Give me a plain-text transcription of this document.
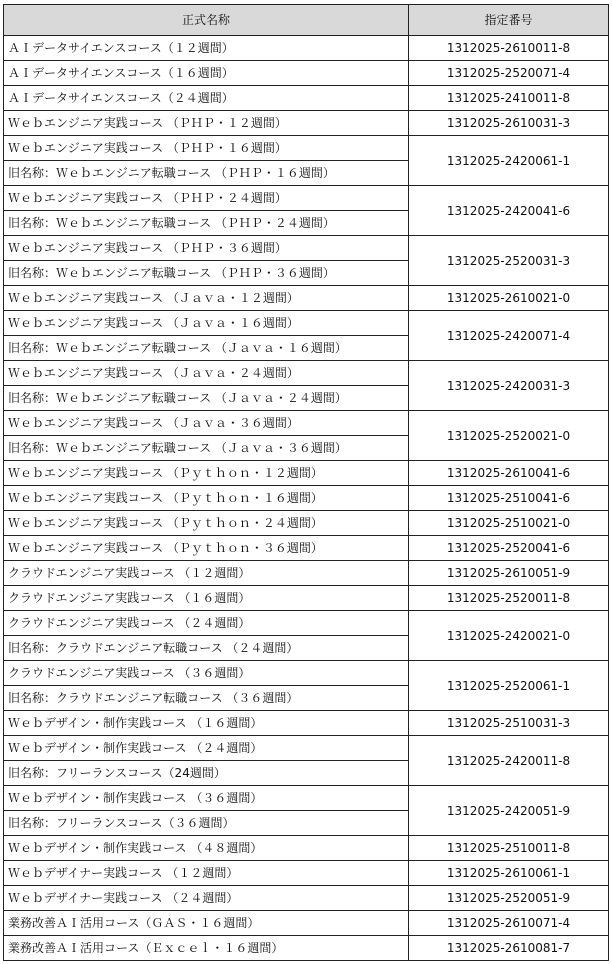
正式名称	指定番号
ＡＩデータサイエンスコース（１２週間）	1312025-2610011-8
ＡＩデータサイエンスコース（１６週間）	1312025-2520071-4
ＡＩデータサイエンスコース（２４週間）	1312025-2410011-8
Ｗｅｂエンジニア実践コース （ＰＨＰ・１２週間）	1312025-2610031-3
Ｗｅｂエンジニア実践コース （ＰＨＰ・１６週間）	1312025-2420061-1
旧名称：Ｗｅｂエンジニア転職コース （ＰＨＰ・１６週間）	
Ｗｅｂエンジニア実践コース （ＰＨＰ・２４週間）	1312025-2420041-6
旧名称：Ｗｅｂエンジニア転職コース （ＰＨＰ・２４週間）	
Ｗｅｂエンジニア実践コース （ＰＨＰ・３６週間）	1312025-2520031-3
旧名称：Ｗｅｂエンジニア転職コース （ＰＨＰ・３６週間）	
Ｗｅｂエンジニア実践コース （Ｊａｖａ・１２週間）	1312025-2610021-0
Ｗｅｂエンジニア実践コース （Ｊａｖａ・１６週間）	1312025-2420071-4
旧名称：Ｗｅｂエンジニア転職コース （Ｊａｖａ・１６週間）	
Ｗｅｂエンジニア実践コース （Ｊａｖａ・２４週間）	1312025-2420031-3
旧名称：Ｗｅｂエンジニア転職コース （Ｊａｖａ・２４週間）	
Ｗｅｂエンジニア実践コース （Ｊａｖａ・３６週間）	1312025-2520021-0
旧名称：Ｗｅｂエンジニア転職コース （Ｊａｖａ・３６週間）	
Ｗｅｂエンジニア実践コース （Ｐｙｔｈｏｎ・１２週間）	1312025-2610041-6
Ｗｅｂエンジニア実践コース （Ｐｙｔｈｏｎ・１６週間）	1312025-2510041-6
Ｗｅｂエンジニア実践コース （Ｐｙｔｈｏｎ・２４週間）	1312025-2510021-0
Ｗｅｂエンジニア実践コース （Ｐｙｔｈｏｎ・３６週間）	1312025-2520041-6
クラウドエンジニア実践コース （１２週間）	1312025-2610051-9
クラウドエンジニア実践コース （１６週間）	1312025-2520011-8
クラウドエンジニア実践コース （２４週間）	1312025-2420021-0
旧名称：クラウドエンジニア転職コース （２４週間）	
クラウドエンジニア実践コース （３６週間）	1312025-2520061-1
旧名称：クラウドエンジニア転職コース （３６週間）	
Ｗｅｂデザイン・制作実践コース （１６週間）	1312025-2510031-3
Ｗｅｂデザイン・制作実践コース （２４週間）	1312025-2420011-8
旧名称：フリーランスコース（24週間）	
Ｗｅｂデザイン・制作実践コース （３６週間）	1312025-2420051-9
旧名称：フリーランスコース（３６週間）	
Ｗｅｂデザイン・制作実践コース （４８週間）	1312025-2510011-8
Ｗｅｂデザイナー実践コース （１２週間）	1312025-2610061-1
Ｗｅｂデザイナー実践コース （２４週間）	1312025-2520051-9
業務改善ＡＩ活用コース（ＧＡＳ・１６週間）	1312025-2610071-4
業務改善ＡＩ活用コース（Ｅｘｃｅｌ・１６週間）	1312025-2610081-7
